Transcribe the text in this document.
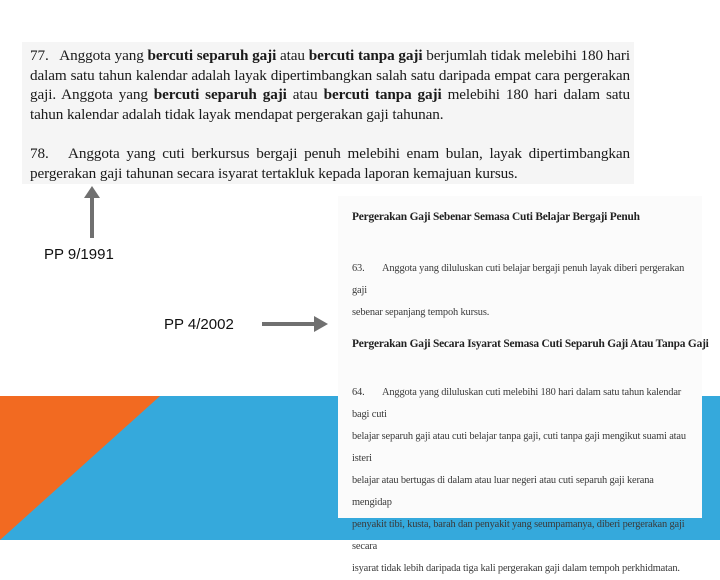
77. Anggota yang bercuti separuh gaji atau bercuti tanpa gaji berjumlah tidak melebihi 180 hari dalam satu tahun kalendar adalah layak dipertimbangkan salah satu daripada empat cara pergerakan gaji. Anggota yang bercuti separuh gaji atau bercuti tanpa gaji melebihi 180 hari dalam satu tahun kalendar adalah tidak layak mendapat pergerakan gaji tahunan.

78. Anggota yang cuti berkursus bergaji penuh melebihi enam bulan, layak dipertimbangkan pergerakan gaji tahunan secara isyarat tertakluk kepada laporan kemajuan kursus.

PP 9/1991

PP 4/2002

Pergerakan Gaji Sebenar Semasa Cuti Belajar Bergaji Penuh

63. Anggota yang diluluskan cuti belajar bergaji penuh layak diberi pergerakan gaji
sebenar sepanjang tempoh kursus.

Pergerakan Gaji Secara Isyarat Semasa Cuti Separuh Gaji Atau Tanpa Gaji

64. Anggota yang diluluskan cuti melebihi 180 hari dalam satu tahun kalendar bagi cuti
belajar separuh gaji atau cuti belajar tanpa gaji, cuti tanpa gaji mengikut suami atau isteri
belajar atau bertugas di dalam atau luar negeri atau cuti separuh gaji kerana mengidap
penyakit tibi, kusta, barah dan penyakit yang seumpamanya, diberi pergerakan gaji secara
isyarat tidak lebih daripada tiga kali pergerakan gaji dalam tempoh perkhidmatan.
